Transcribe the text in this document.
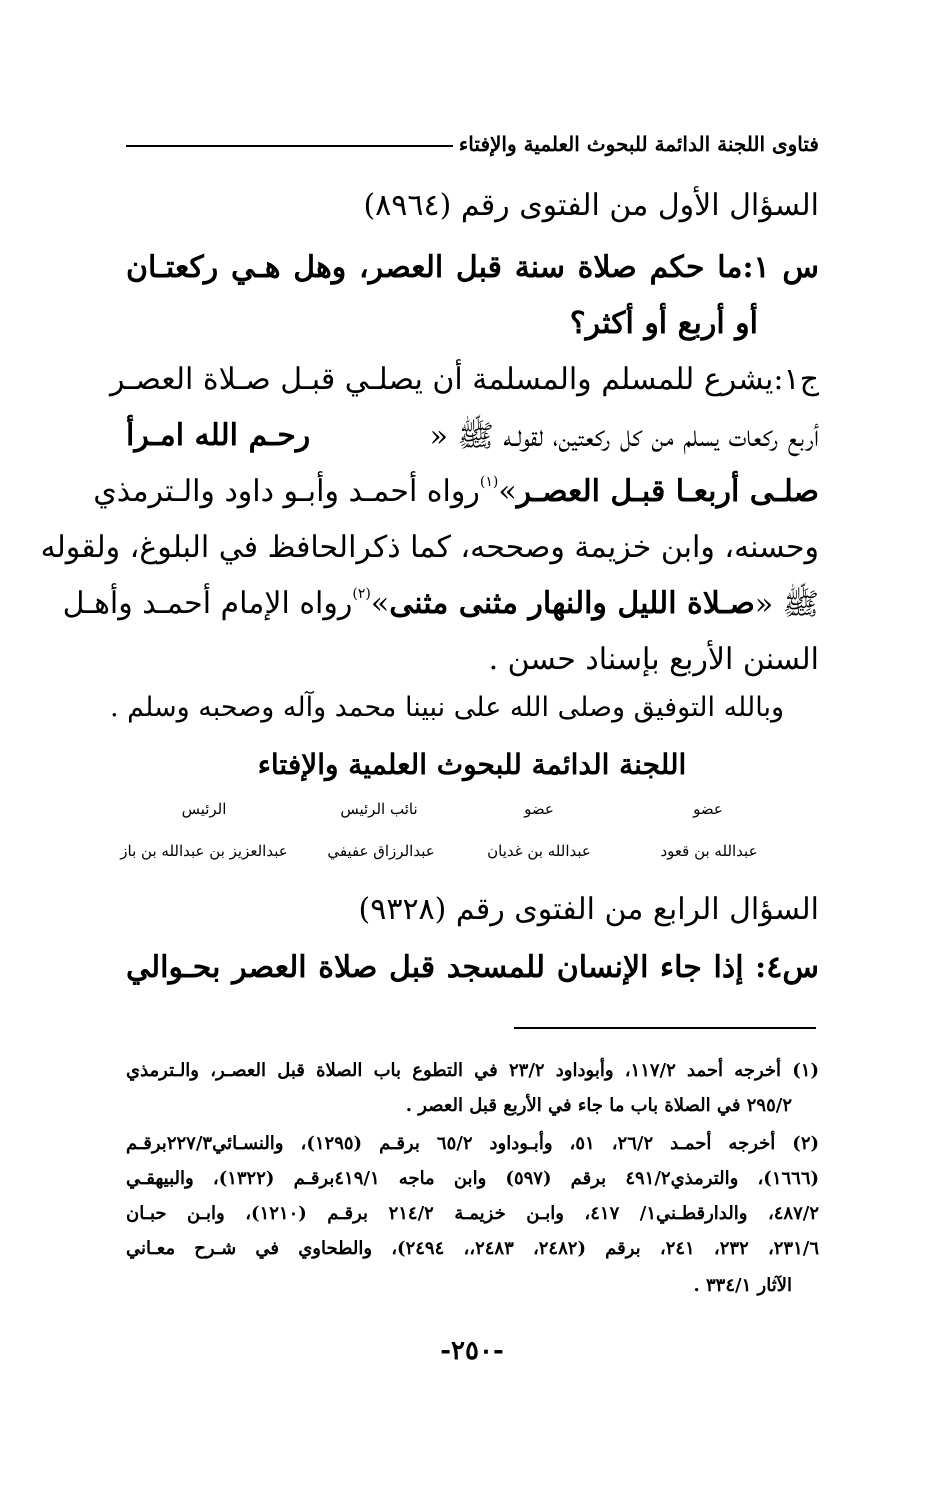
فتاوى اللجنة الدائمة للبحوث العلمية والإفتاء
السؤال الأول من الفتوى رقم (٨٩٦٤)
س ١:ما حكم صلاة سنة قبل العصر، وهل هـي ركعتـان
أو أربع أو أكثر؟
ج١:يشرع للمسلم والمسلمة أن يصلـي قبـل صـلاة العصـر
أربع ركعات يسلم من كل ركعتين، لقولـه ﷺ «
رحـم الله امـرأ
صلـى أربعـا قبـل العصـر
»
(١)
رواه أحمـد وأبـو داود والـترمذي
وحسنه، وابن خزيمة وصححه، كما ذكرالحافظ في البلوغ، ولقوله
ﷺ «
صـلاة الليل والنهار مثنى مثنى
»
(٢)
رواه الإمام أحمـد وأهـل
السنن الأربع بإسناد حسن .
وبالله التوفيق وصلى الله على نبينا محمد وآله وصحبه وسلم .
اللجنة الدائمة للبحوث العلمية والإفتاء
عضو
عضو
نائب الرئيس
الرئيس
عبدالله بن قعود
عبدالله بن غديان
عبدالرزاق عفيفي
عبدالعزيز بن عبدالله بن باز
السؤال الرابع من الفتوى رقم (٩٣٢٨)
س٤: إذا جاء الإنسان للمسجد قبل صلاة العصر بحـوالي
(١) أخرجه أحمد ١١٧/٢، وأبوداود ٢٣/٢ في التطوع باب الصلاة قبل العصـر، والـترمذي
٢٩٥/٢ في الصلاة باب ما جاء في الأربع قبل العصر .
(٢) أخرجه أحمـد ٢٦/٢، ٥١، وأبـوداود ٦٥/٢ برقـم (١٢٩٥)، والنسـائي٢٢٧/٣برقـم
(١٦٦٦)، والترمذي٤٩١/٢ برقم (٥٩٧) وابن ماجه ٤١٩/١برقـم (١٣٢٢)، والبيهقـي
٤٨٧/٢، والدارقطـني١/ ٤١٧، وابـن خزيمـة ٢١٤/٢ برقـم (١٢١٠)، وابـن حبـان
٢٣١/٦، ٢٣٢، ٢٤١، برقم (٢٤٨٢، ٢٤٨٣،، ٢٤٩٤)، والطحاوي في شـرح معـاني
الآثار ٣٣٤/١ .
-٢٥٠-
